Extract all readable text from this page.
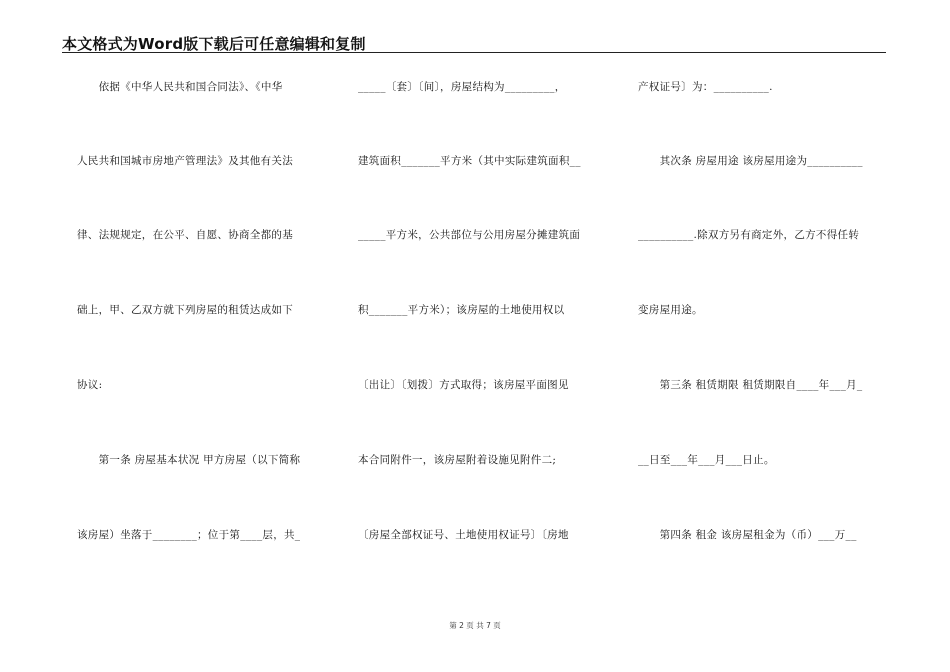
本文格式为Word版下载后可任意编辑和复制
　　依据《中华人民共和国合同法》、《中华
人民共和国城市房地产管理法》及其他有关法
律、法规规定，在公平、自愿、协商全都的基
础上，甲、乙双方就下列房屋的租赁达成如下
协议:
　　第一条 房屋基本状况 甲方房屋（以下简称
该房屋）坐落于________；位于第____层，共_
_____〔套〕〔间〕，房屋结构为_________，
建筑面积_______平方米（其中实际建筑面积__
_____平方米，公共部位与公用房屋分摊建筑面
积_______平方米）；该房屋的土地使用权以
〔出让〕〔划拨〕方式取得；该房屋平面图见
本合同附件一，该房屋附着设施见附件二;
〔房屋全部权证号、土地使用权证号〕〔房地
产权证号〕为：__________.
　　其次条 房屋用途 该房屋用途为__________
__________.除双方另有商定外，乙方不得任转
变房屋用途。
　　第三条 租赁期限 租赁期限自____年___月_
__日至___年___月___日止。
　　第四条 租金 该房屋租金为（币）___万__
第 2 页 共 7 页
